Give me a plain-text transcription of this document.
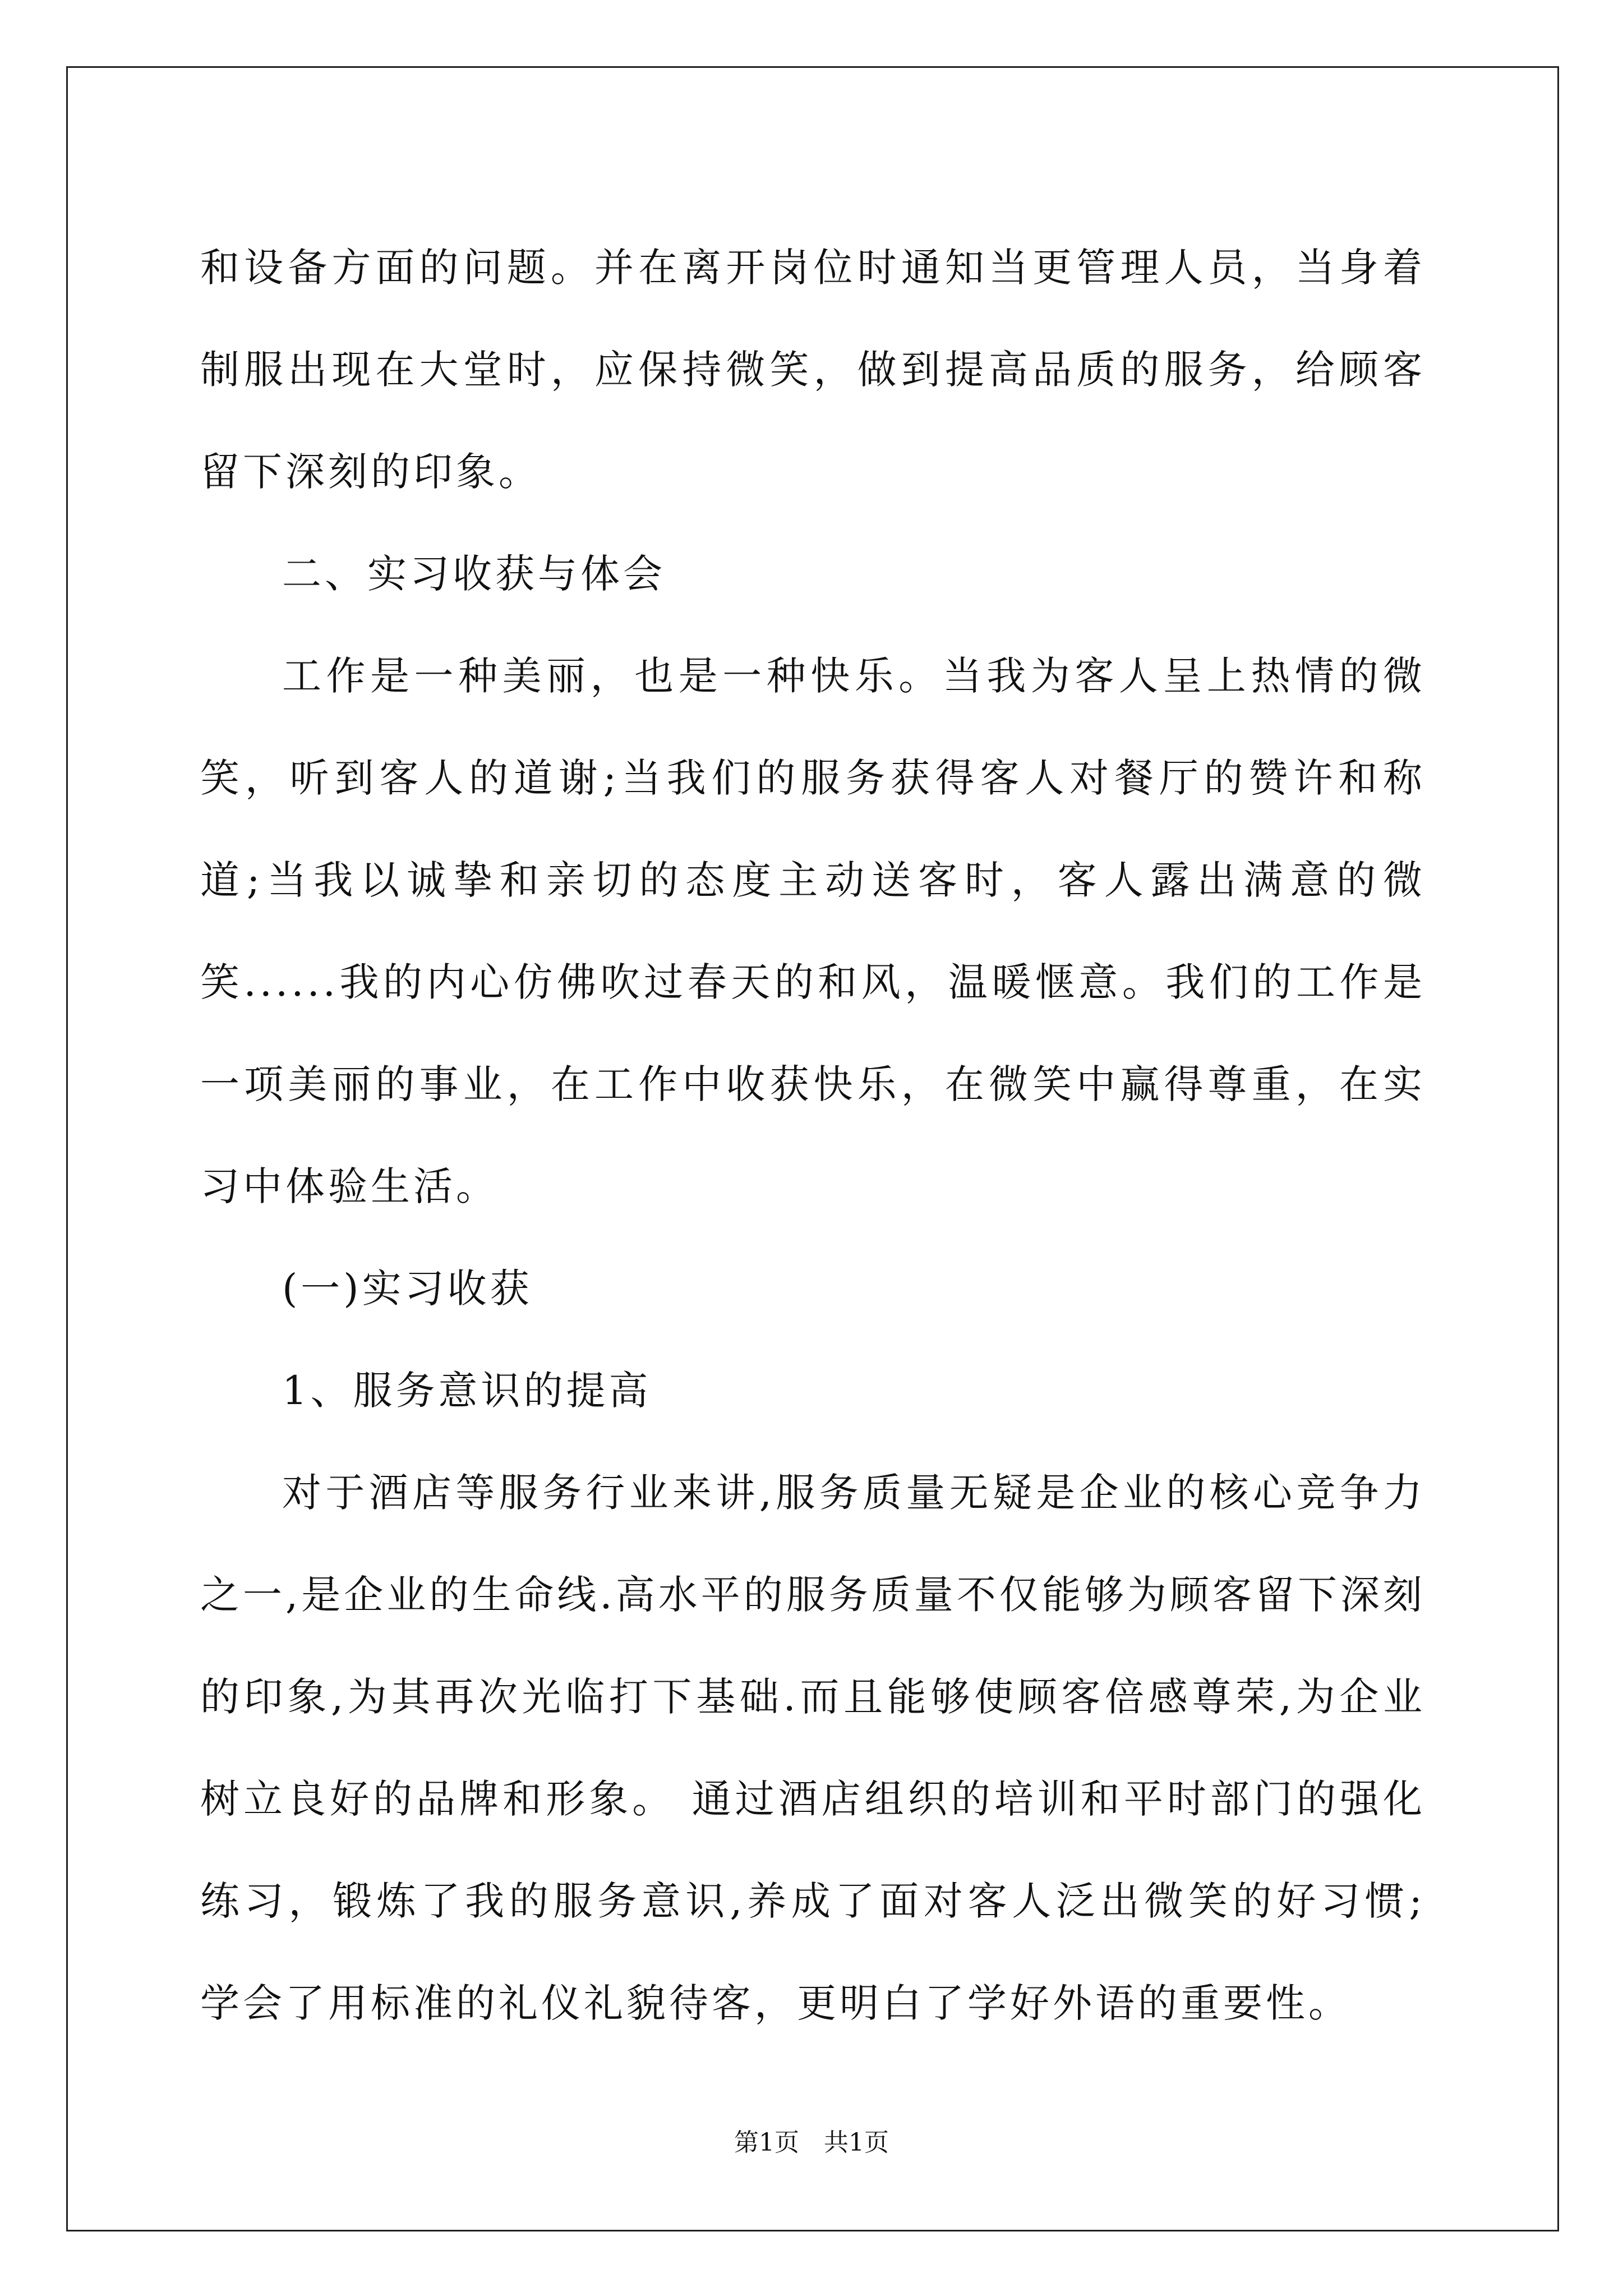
和设备方面的问题。并在离开岗位时通知当更管理人员，当身着制服出现在大堂时，应保持微笑，做到提高品质的服务，给顾客留下深刻的印象。

二、实习收获与体会

工作是一种美丽，也是一种快乐。当我为客人呈上热情的微笑，听到客人的道谢;当我们的服务获得客人对餐厅的赞许和称道;当我以诚挚和亲切的态度主动送客时，客人露出满意的微笑......我的内心仿佛吹过春天的和风，温暖惬意。我们的工作是一项美丽的事业，在工作中收获快乐，在微笑中赢得尊重，在实习中体验生活。

(一)实习收获

1、服务意识的提高

对于酒店等服务行业来讲,服务质量无疑是企业的核心竞争力之一,是企业的生命线.高水平的服务质量不仅能够为顾客留下深刻的印象,为其再次光临打下基础.而且能够使顾客倍感尊荣,为企业树立良好的品牌和形象。 通过酒店组织的培训和平时部门的强化练习，锻炼了我的服务意识,养成了面对客人泛出微笑的好习惯;学会了用标准的礼仪礼貌待客，更明白了学好外语的重要性。

第1页　共1页
